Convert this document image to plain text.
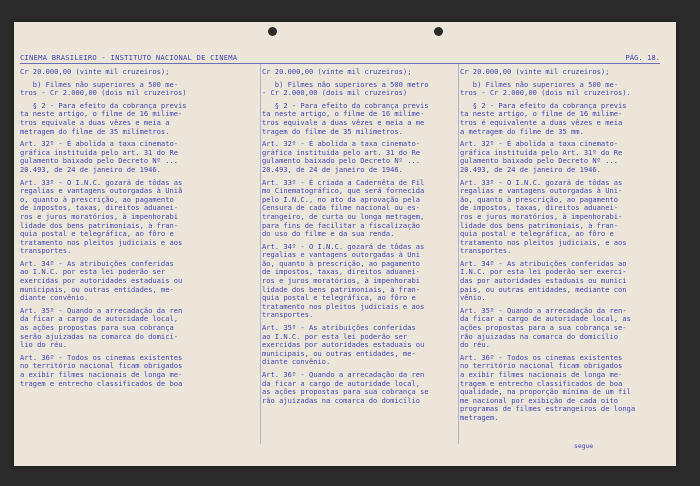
CINEMA BRASILEIRO - INSTITUTO NACIONAL DE CINEMA	PÁG. 18.
Cr 20.000,00 (vinte mil cruzeiros);
b) Filmes não superiores a 500 me-
tros - Cr 2.000,00 (dois mil cruzeiros)
§ 2 - Para efeito da cobrança previs
ta neste artigo, o filme de 16 milíme-
tros equivale a duas vêzes e meia a
metragem do filme de 35 milímetros.
Art. 32º - É abolida a taxa cinemato-
gráfica instituída pelo art. 31 do Re
gulamento baixado pelo Decreto Nº ...
20.493, de 24 de janeiro de 1946.
Art. 33º - O I.N.C. gozará de tôdas as
regalias e vantagens outorgadas à Uniã
o, quanto à prescrição, ao pagamento
de impostos, taxas, direitos aduanei-
ros e juros moratórios, à impenhorabi
lidade dos bens patrimoniais, à fran-
quia postal e telegráfica, ao fôro e
tratamento nos pleitos judiciais e aos
transportes.
Art. 34º - As atribuições conferidas
ao I.N.C. por esta lei poderão ser
exercidas por autoridades estaduais ou
municipais, ou outras entidades, me-
diante convênio.
Art. 35º - Quando a arrecadação da ren
da ficar a cargo de autoridade local,
as ações propostas para sua cobrança
serão ajuizadas na comarca do domicí-
lio do réu.
Art. 36º - Todos os cinemas existentes
no território nacional ficam obrigados
a exibir filmes nacionais de longa me-
tragem e entrecho classificados de boa
Cr 20.000,00 (vinte mil cruzeiros);
b) Filmes não superiores a 500 metro
- Cr 2.000,00 (dois mil cruzeiros)
§ 2 - Para efeito da cobrança previs
ta neste artigo, o filme de 16 milíme-
tros equivale a duas vêzes e meia a me
tragem do filme de 35 milímetros.
Art. 32º - É abolida a taxa cinemato-
gráfica instituída pelo art. 31 do Re
gulamento baixado pelo Decreto Nº ...
20.493, de 24 de janeiro de 1946.
Art. 33º - É criada a Cadernêta de Fil
mo Cinematográfico, que será fornecida
pelo I.N.C., no ato da aprovação pela
Censura de cada filme nacional ou es-
trangeiro, de curta ou longa metragem,
para fins de facilitar a fiscalização
do uso do filme e da sua renda.
Art. 34º - O I.N.C. gozará de tôdas as
regalias e vantagens outorgadas à Uni
ão, quanto à prescrição, ao pagamento
de impostos, taxas, direitos aduanei-
ros e juros moratórios, à impenhorabi
lidade dos bens patrimoniais, à fran-
quia postal e telegráfica, ao fôro e
tratamento nos pleitos judiciais e aos
transportes.
Art. 35º - As atribuições conferidas
ao I.N.C. por esta lei poderão ser
exercidas por autoridades estaduais ou
municipais, ou outras entidades, me-
diante convênio.
Art. 36º - Quando a arrecadação da ren
da ficar a cargo de autoridade local,
as ações propostas para sua cobrança se
rão ajuizadas na comarca do domicílio
Cr 20.000,00 (vinte mil cruzeiros);
b) Filmes não superiores a 500 me-
tros - Cr 2.000,00 (dois mil cruzeiros).
§ 2 - Para efeito da cobrança previs
ta neste artigo, o filme de 16 milíme-
tros é equivalente a duas vêzes e meia
a metragem do filme de 35 mm.
Art. 32º - É abolida a taxa cinemato-
gráfica instituída pelo Art. 31º do Re
gulamento baixado pelo Decreto Nº ...
20.493, de 24 de janeiro de 1946.
Art. 33º - O I.N.C. gozará de tôdas as
regalias e vantagens outorgadas à Uni-
ão, quanto à prescrição, ao pagamento
de impostos, taxas, direitos aduanei-
ros e juros moratórios, à impenhorabi-
lidade dos bens patrimoniais, à fran-
quia postal e telegráfica, ao fôro e
tratamento nos pleitos judiciais, e aos
transportes.
Art. 34º - As atribuições conferidas ao
I.N.C. por esta lei poderão ser exerci-
das por autoridades estaduais ou munici
pais, ou outras entidades, mediante con
vênio.
Art. 35º - Quando a arrecadação da ren-
da ficar a cargo de autoridade local, as
ações propostas para a sua cobrança se-
rão ajuizadas na comarca do domicílio
do réu.
Art. 36º - Todos os cinemas existentes
no território nacional ficam obrigados
a exibir filmes nacionais de longa me-
tragem e entrecho classificados de boa
qualidade, na proporção mínima de um fil
me nacional por exibição de cada oito
programas de filmes estrangeiros de longa
metragem.
segue
